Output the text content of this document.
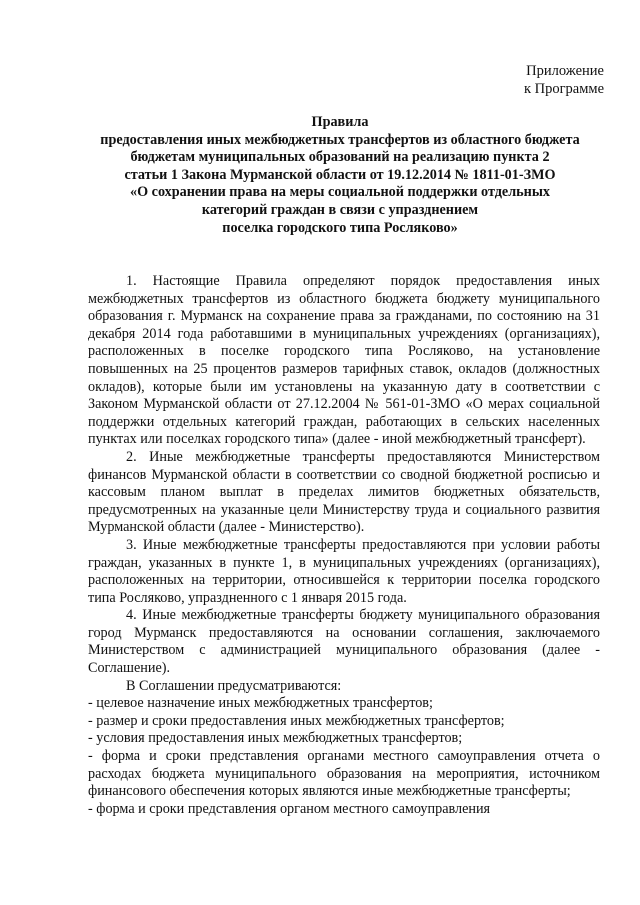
Приложение
к Программе
Правила
предоставления иных межбюджетных трансфертов из областного бюджета
бюджетам муниципальных образований на реализацию пункта 2
статьи 1 Закона Мурманской области от 19.12.2014 № 1811-01-ЗМО
«О сохранении права на меры социальной поддержки отдельных
категорий граждан в связи с упразднением
поселка городского типа Росляково»

1. Настоящие Правила определяют порядок предоставления иных межбюджетных трансфертов из областного бюджета бюджету муниципального образования г. Мурманск на сохранение права за гражданами, по состоянию на 31 декабря 2014 года работавшими в муниципальных учреждениях (организациях), расположенных в поселке городского типа Росляково, на установление повышенных на 25 процентов размеров тарифных ставок, окладов (должностных окладов), которые были им установлены на указанную дату в соответствии с Законом Мурманской области от 27.12.2004 № 561-01-ЗМО «О мерах социальной поддержки отдельных категорий граждан, работающих в сельских населенных пунктах или поселках городского типа» (далее - иной межбюджетный трансферт).

2. Иные межбюджетные трансферты предоставляются Министерством финансов Мурманской области в соответствии со сводной бюджетной росписью и кассовым планом выплат в пределах лимитов бюджетных обязательств, предусмотренных на указанные цели Министерству труда и социального развития Мурманской области (далее - Министерство).

3. Иные межбюджетные трансферты предоставляются при условии работы граждан, указанных в пункте 1, в муниципальных учреждениях (организациях), расположенных на территории, относившейся к территории поселка городского типа Росляково, упраздненного с 1 января 2015 года.

4. Иные межбюджетные трансферты бюджету муниципального образования город Мурманск предоставляются на основании соглашения, заключаемого Министерством с администрацией муниципального образования (далее - Соглашение).

В Соглашении предусматриваются:

- целевое назначение иных межбюджетных трансфертов;

- размер и сроки предоставления иных межбюджетных трансфертов;

- условия предоставления иных межбюджетных трансфертов;

- форма и сроки представления органами местного самоуправления отчета о расходах бюджета муниципального образования на мероприятия, источником финансового обеспечения которых являются иные межбюджетные трансферты;

- форма и сроки представления органом местного самоуправления
